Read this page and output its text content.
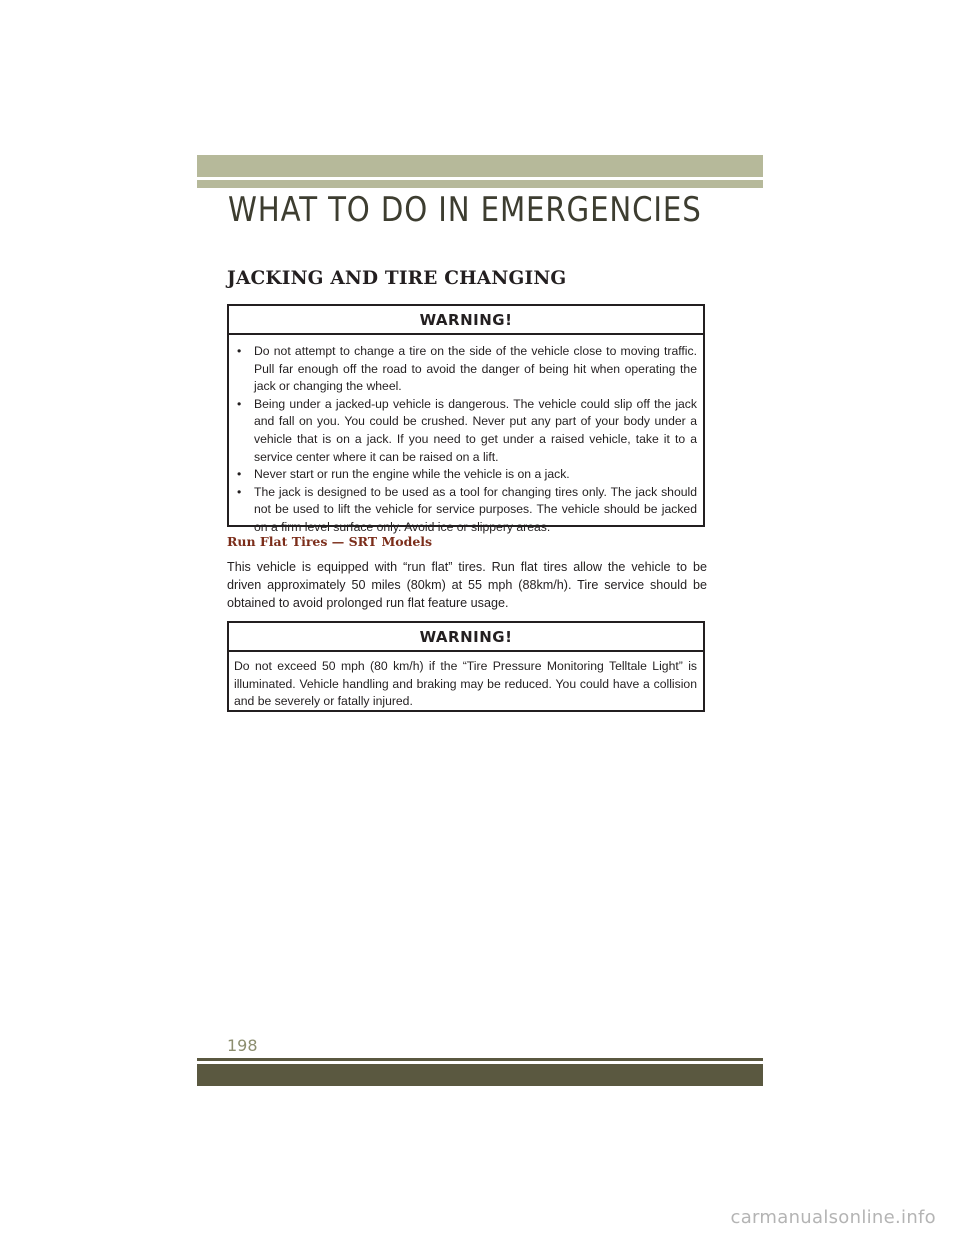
WHAT TO DO IN EMERGENCIES
JACKING AND TIRE CHANGING
WARNING!
• Do not attempt to change a tire on the side of the vehicle close to moving traffic. Pull far enough off the road to avoid the danger of being hit when operating the jack or changing the wheel.
• Being under a jacked-up vehicle is dangerous. The vehicle could slip off the jack and fall on you. You could be crushed. Never put any part of your body under a vehicle that is on a jack. If you need to get under a raised vehicle, take it to a service center where it can be raised on a lift.
• Never start or run the engine while the vehicle is on a jack.
• The jack is designed to be used as a tool for changing tires only. The jack should not be used to lift the vehicle for service purposes. The vehicle should be jacked on a firm level surface only. Avoid ice or slippery areas.
Run Flat Tires — SRT Models

This vehicle is equipped with “run flat” tires. Run flat tires allow the vehicle to be driven approximately 50 miles (80km) at 55 mph (88km/h). Tire service should be obtained to avoid prolonged run flat feature usage.

WARNING!

Do not exceed 50 mph (80 km/h) if the “Tire Pressure Monitoring Telltale Light” is illuminated. Vehicle handling and braking may be reduced. You could have a collision and be severely or fatally injured.

198
carmanualsonline.info
